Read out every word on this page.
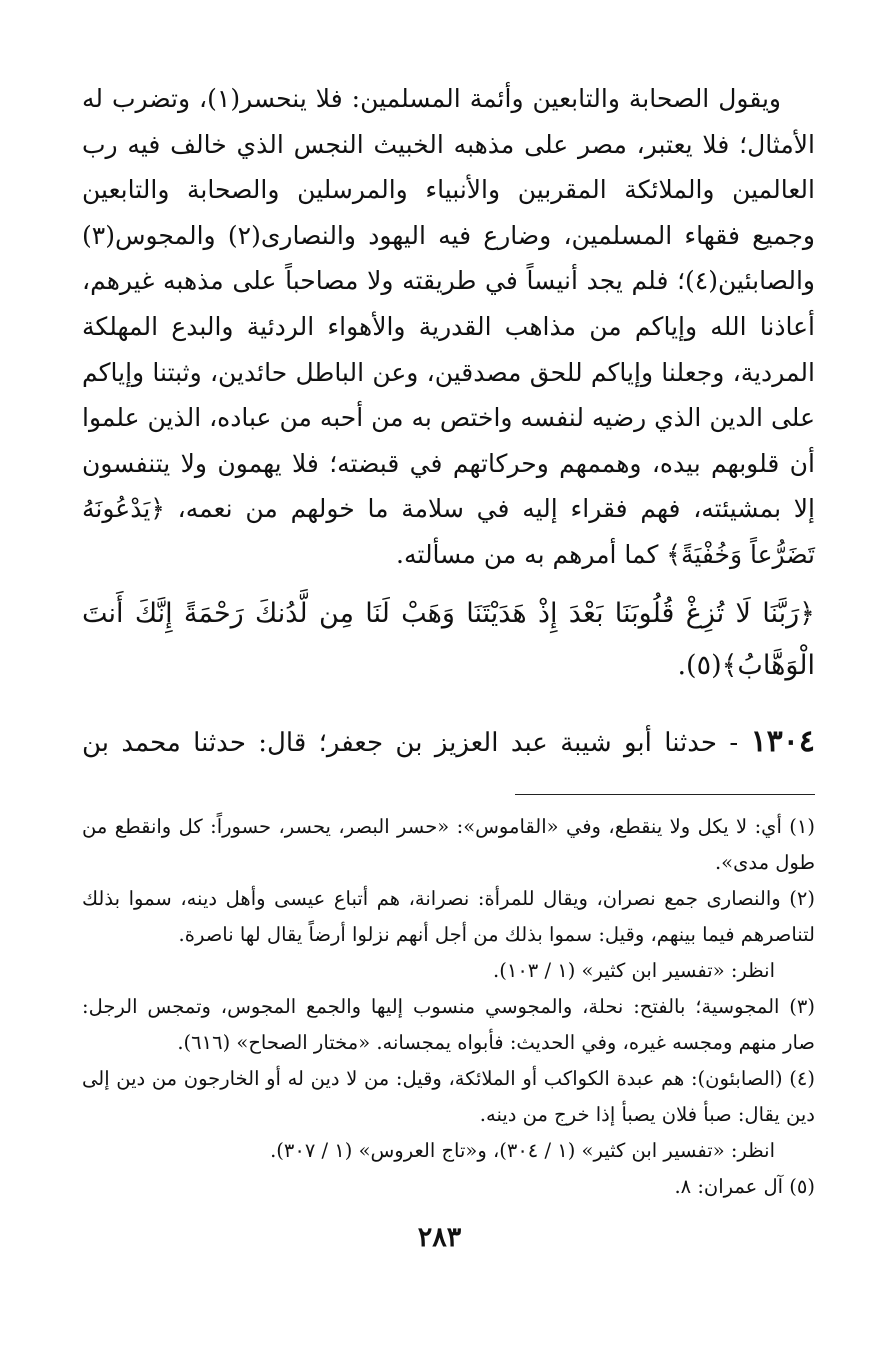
ويقول الصحابة والتابعين وأئمة المسلمين: فلا ينحسر(١)، وتضرب له الأمثال؛ فلا يعتبر، مصر على مذهبه الخبيث النجس الذي خالف فيه رب العالمين والملائكة المقربين والأنبياء والمرسلين والصحابة والتابعين وجميع فقهاء المسلمين، وضارع فيه اليهود والنصارى(٢) والمجوس(٣) والصابئين(٤)؛ فلم يجد أنيساً في طريقته ولا مصاحباً على مذهبه غيرهم، أعاذنا الله وإياكم من مذاهب القدرية والأهواء الردئية والبدع المهلكة المردية، وجعلنا وإياكم للحق مصدقين، وعن الباطل حائدين، وثبتنا وإياكم على الدين الذي رضيه لنفسه واختص به من أحبه من عباده، الذين علموا أن قلوبهم بيده، وهممهم وحركاتهم في قبضته؛ فلا يهمون ولا يتنفسون إلا بمشيئته، فهم فقراء إليه في سلامة ما خولهم من نعمه، ﴿يَدْعُونَهُ تَضَرُّعاً وَخُفْيَةً﴾ كما أمرهم به من مسألته.

﴿رَبَّنَا لَا تُزِغْ قُلُوبَنَا بَعْدَ إِذْ هَدَيْتَنَا وَهَبْ لَنَا مِن لَّدُنكَ رَحْمَةً إِنَّكَ أَنتَ الْوَهَّابُ﴾(٥).

١٣٠٤ - حدثنا أبو شيبة عبد العزيز بن جعفر؛ قال: حدثنا محمد بن

(١) أي: لا يكل ولا ينقطع، وفي «القاموس»: «حسر البصر، يحسر، حسوراً: كل وانقطع من طول مدى».

(٢) والنصارى جمع نصران، ويقال للمرأة: نصرانة، هم أتباع عيسى وأهل دينه، سموا بذلك لتناصرهم فيما بينهم، وقيل: سموا بذلك من أجل أنهم نزلوا أرضاً يقال لها ناصرة.

انظر: «تفسير ابن كثير» (١ / ١٠٣).

(٣) المجوسية؛ بالفتح: نحلة، والمجوسي منسوب إليها والجمع المجوس، وتمجس الرجل: صار منهم ومجسه غيره، وفي الحديث: فأبواه يمجسانه. «مختار الصحاح» (٦١٦).

(٤) (الصابئون): هم عبدة الكواكب أو الملائكة، وقيل: من لا دين له أو الخارجون من دين إلى دين يقال: صبأ فلان يصبأ إذا خرج من دينه.

انظر: «تفسير ابن كثير» (١ / ٣٠٤)، و«تاج العروس» (١ / ٣٠٧).

(٥) آل عمران: ٨.

٢٨٣
